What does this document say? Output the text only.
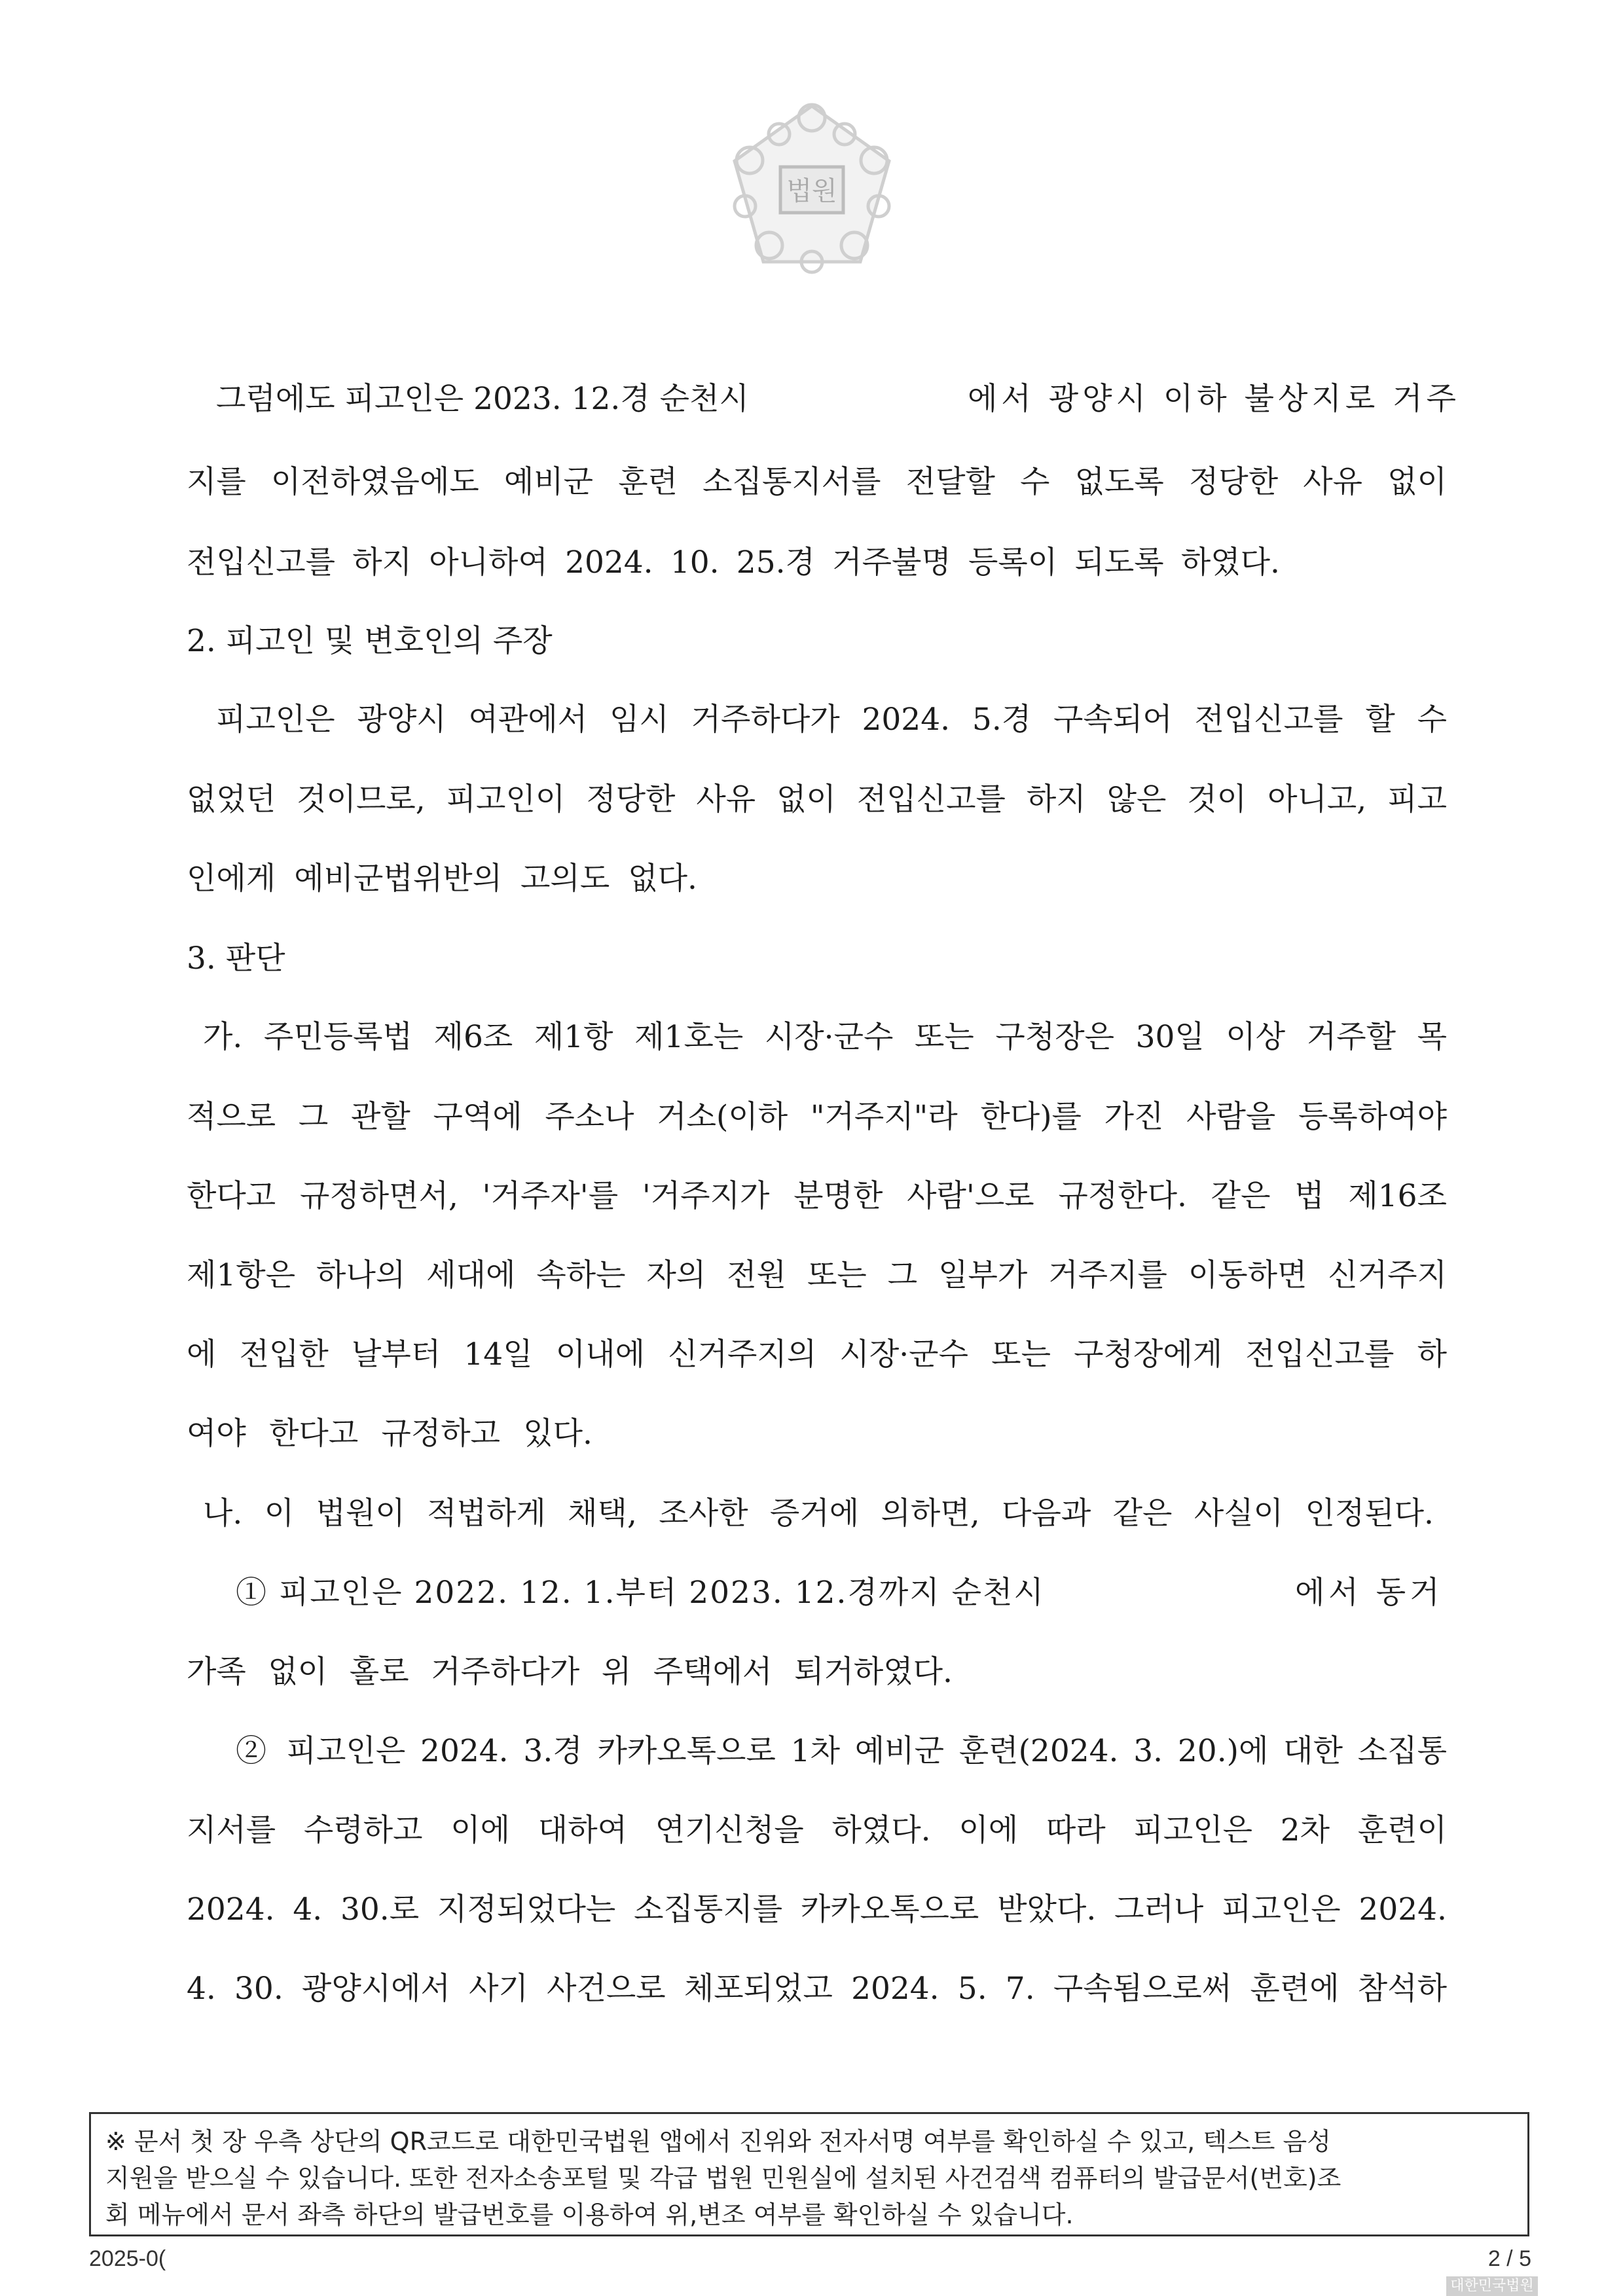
법원
그럼에도 피고인은 2023. 12.경 순천시	에서 광양시 이하 불상지로 거주
지를 이전하였음에도 예비군 훈련 소집통지서를 전달할 수 없도록 정당한 사유 없이
전입신고를 하지 아니하여 2024. 10. 25.경 거주불명 등록이 되도록 하였다.
2. 피고인 및 변호인의 주장
피고인은 광양시 여관에서 임시 거주하다가 2024. 5.경 구속되어 전입신고를 할 수
없었던 것이므로, 피고인이 정당한 사유 없이 전입신고를 하지 않은 것이 아니고, 피고
인에게 예비군법위반의 고의도 없다.
3. 판단
가. 주민등록법 제6조 제1항 제1호는 시장·군수 또는 구청장은 30일 이상 거주할 목
적으로 그 관할 구역에 주소나 거소(이하 "거주지"라 한다)를 가진 사람을 등록하여야
한다고 규정하면서, '거주자'를 '거주지가 분명한 사람'으로 규정한다. 같은 법 제16조
제1항은 하나의 세대에 속하는 자의 전원 또는 그 일부가 거주지를 이동하면 신거주지
에 전입한 날부터 14일 이내에 신거주지의 시장·군수 또는 구청장에게 전입신고를 하
여야 한다고 규정하고 있다.
나. 이 법원이 적법하게 채택, 조사한 증거에 의하면, 다음과 같은 사실이 인정된다.
① 피고인은 2022. 12. 1.부터 2023. 12.경까지 순천시	에서 동거
가족 없이 홀로 거주하다가 위 주택에서 퇴거하였다.
② 피고인은 2024. 3.경 카카오톡으로 1차 예비군 훈련(2024. 3. 20.)에 대한 소집통
지서를 수령하고 이에 대하여 연기신청을 하였다. 이에 따라 피고인은 2차 훈련이
2024. 4. 30.로 지정되었다는 소집통지를 카카오톡으로 받았다. 그러나 피고인은 2024.
4. 30. 광양시에서 사기 사건으로 체포되었고 2024. 5. 7. 구속됨으로써 훈련에 참석하
※ 문서 첫 장 우측 상단의 QR코드로 대한민국법원 앱에서 진위와 전자서명 여부를 확인하실 수 있고, 텍스트 음성
지원을 받으실 수 있습니다. 또한 전자소송포털 및 각급 법원 민원실에 설치된 사건검색 컴퓨터의 발급문서(번호)조
회 메뉴에서 문서 좌측 하단의 발급번호를 이용하여 위,변조 여부를 확인하실 수 있습니다.
2025-0(	2 / 5
대한민국법원
